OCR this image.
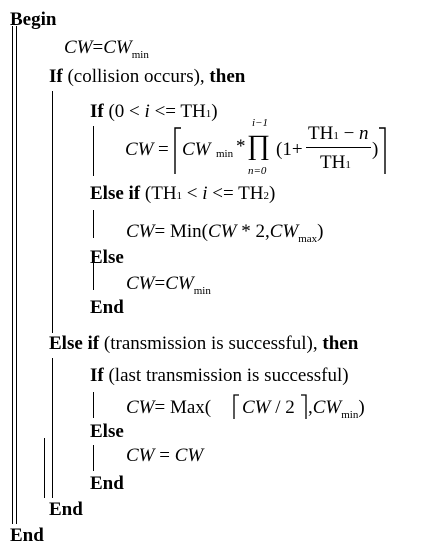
Begin
$CW=CW_{min}$
If (collision occurs), then
If (0 < i <= TH1)
CW = CW $_{min}$ *
i−1
∏
n=0
(1+
TH1 − n
TH1
)
Else if (TH1 < i <= TH2)
$CW= Min(CW * 2,CW_{max})$
Else
$CW=CW_{min}$
End
Else if (transmission is successful), then
If (last transmission is successful)
CW= Max( CW / 2 $,CW_{min}$)
Else
CW = CW
End
End
End
